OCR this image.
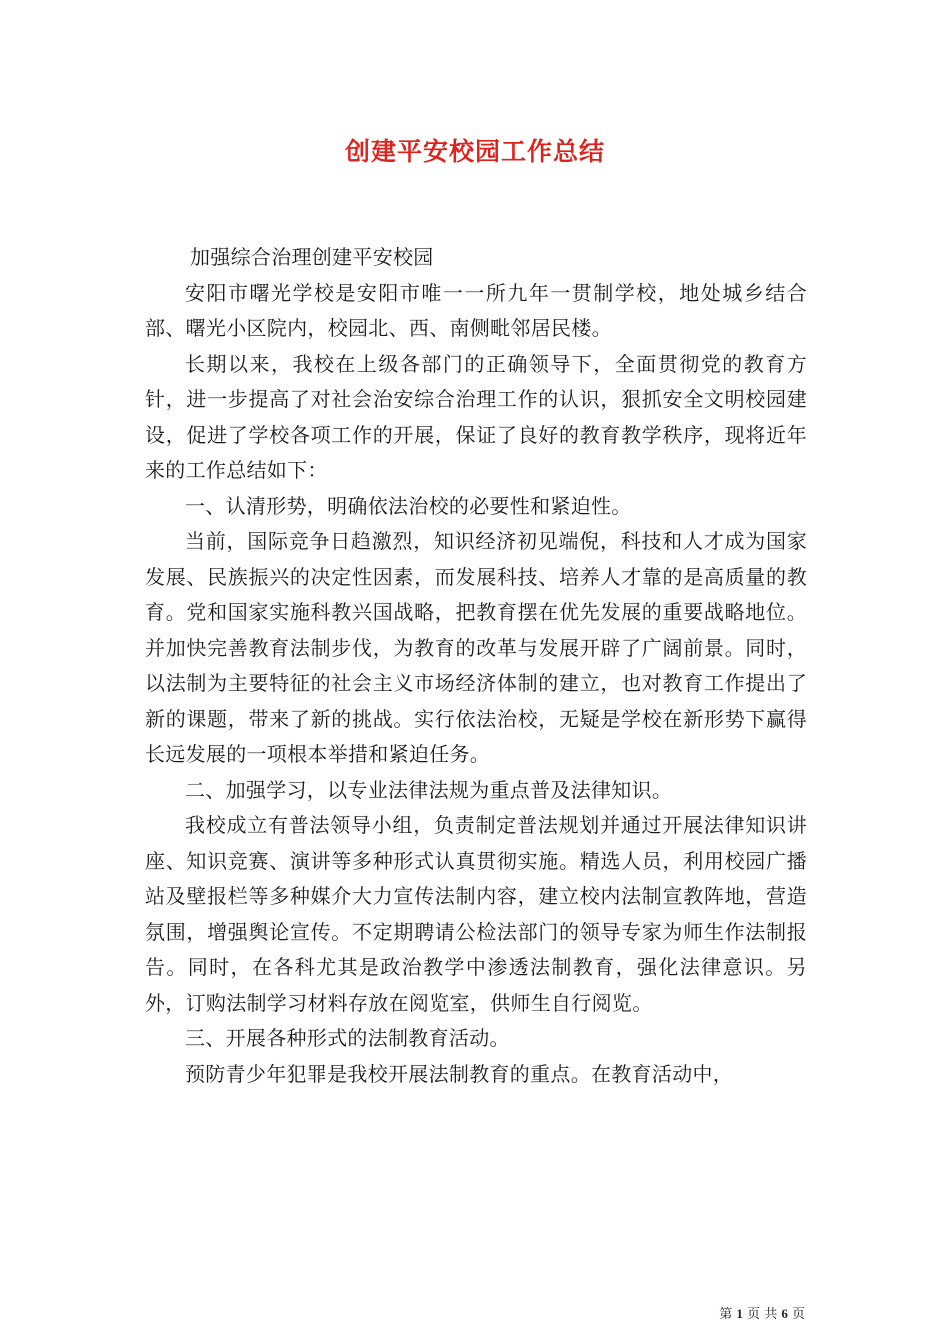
创建平安校园工作总结

加强综合治理创建平安校园

安阳市曙光学校是安阳市唯一一所九年一贯制学校，地处城乡结合部、曙光小区院内，校园北、西、南侧毗邻居民楼。

长期以来，我校在上级各部门的正确领导下，全面贯彻党的教育方针，进一步提高了对社会治安综合治理工作的认识，狠抓安全文明校园建设，促进了学校各项工作的开展，保证了良好的教育教学秩序，现将近年来的工作总结如下：

一、认清形势，明确依法治校的必要性和紧迫性。

当前，国际竞争日趋激烈，知识经济初见端倪，科技和人才成为国家发展、民族振兴的决定性因素，而发展科技、培养人才靠的是高质量的教育。党和国家实施科教兴国战略，把教育摆在优先发展的重要战略地位。并加快完善教育法制步伐，为教育的改革与发展开辟了广阔前景。同时，以法制为主要特征的社会主义市场经济体制的建立，也对教育工作提出了新的课题，带来了新的挑战。实行依法治校，无疑是学校在新形势下赢得长远发展的一项根本举措和紧迫任务。

二、加强学习，以专业法律法规为重点普及法律知识。

我校成立有普法领导小组，负责制定普法规划并通过开展法律知识讲座、知识竞赛、演讲等多种形式认真贯彻实施。精选人员，利用校园广播站及壁报栏等多种媒介大力宣传法制内容，建立校内法制宣教阵地，营造氛围，增强舆论宣传。不定期聘请公检法部门的领导专家为师生作法制报告。同时，在各科尤其是政治教学中渗透法制教育，强化法律意识。另外，订购法制学习材料存放在阅览室，供师生自行阅览。

三、开展各种形式的法制教育活动。

预防青少年犯罪是我校开展法制教育的重点。在教育活动中，

第 1 页 共 6 页
